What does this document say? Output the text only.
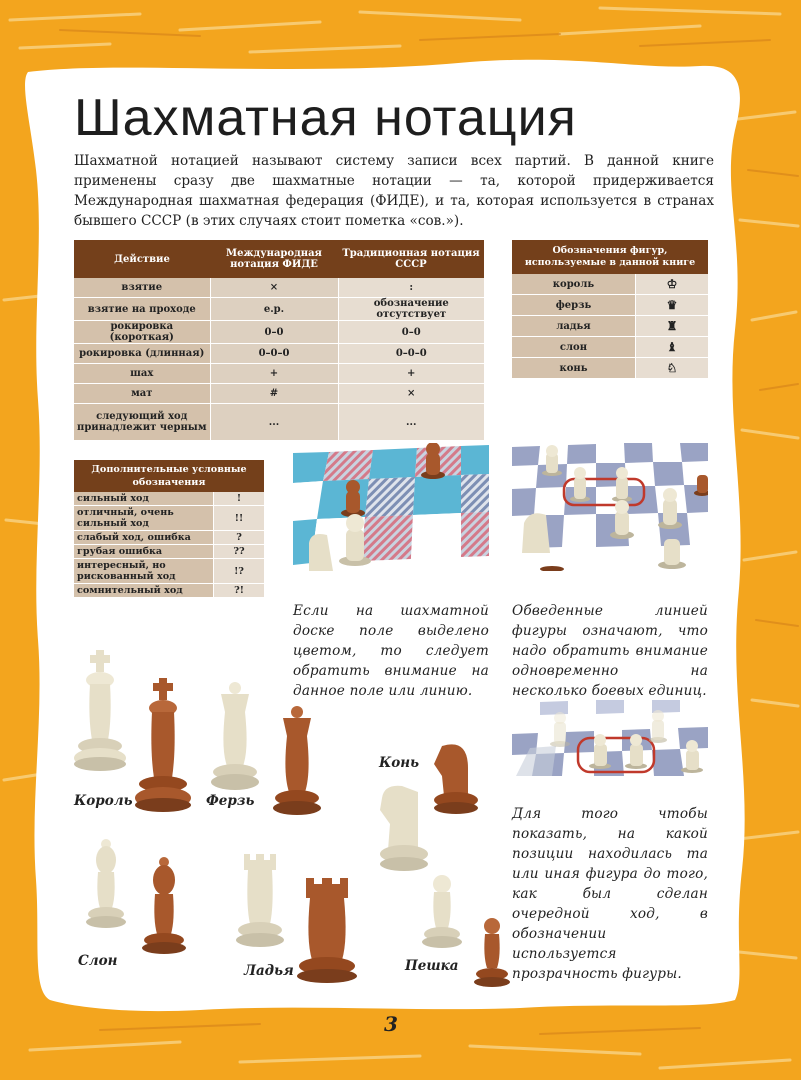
Шахматная нотация

Шахматной нотацией называют систему записи всех партий. В данной книге применены сразу две шахматные нотации — та, которой придерживается Международная шахматная федерация (ФИДЕ), и та, которая используется в странах бывшего СССР (в этих случаях стоит пометка «сов.»).

Действие	Международная нотация ФИДЕ	Традиционная нотация СССР
взятие	×	:
взятие на проходе	e.p.	обозначение отсутствует
рокировка (короткая)	0–0	0–0
рокировка (длинная)	0–0–0	0–0–0
шах	+	+
мат	#	×
следующий ход принадлежит черным	...	...
Обозначения фигур, используемые в данной книге	
король	♔
ферзь	♛
ладья	♜
слон	♝
конь	♘
Дополнительные условные обозначения	
сильный ход	!
отличный, очень сильный ход	!!
слабый ход, ошибка	?
грубая ошибка	??
интересный, но рискованный ход	!?
сомнительный ход	?!

Если на шахматной доске поле выделено цветом, то следует обратить внимание на данное поле или линию.

Обведенные линией фигуры означают, что надо обратить внимание одновременно на несколько боевых единиц.

Для того чтобы показать, на какой позиции находилась та или иная фигура до того, как был сделан очередной ход, в обозначении используется прозрачность фигуры.

Король	Ферзь
Конь
Слон
Ладья	Пешка
3
